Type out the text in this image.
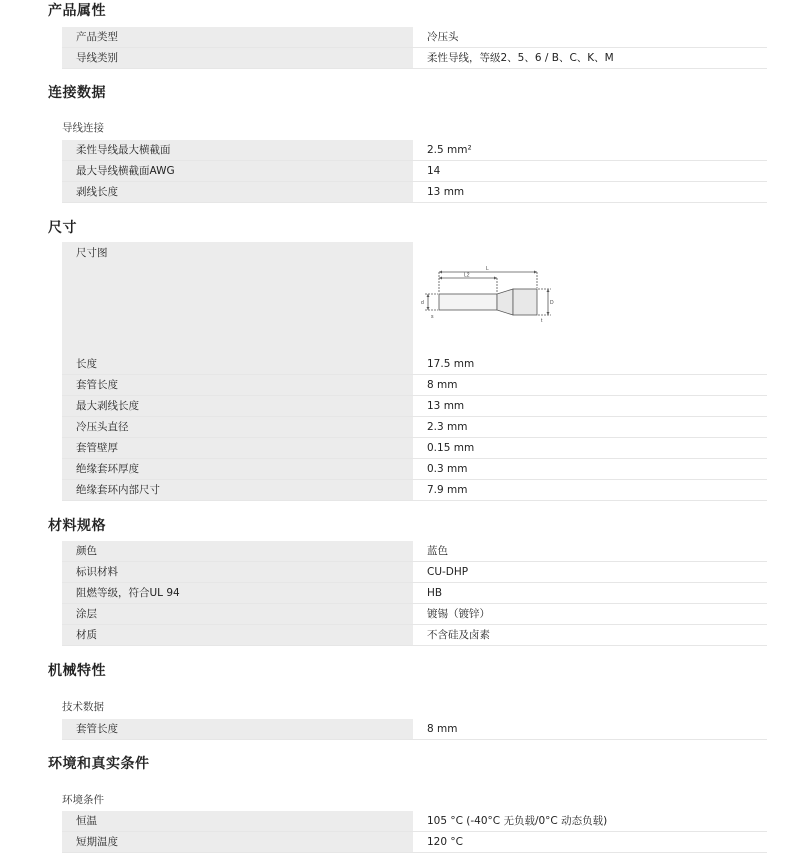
产品属性
产品类型	冷压头
导线类别	柔性导线，等级2、5、6 / B、C、K、M
连接数据
导线连接
柔性导线最大横截面	2.5 mm²
最大导线横截面AWG	14
剥线长度	13 mm
尺寸
尺寸图
L
L2
D
d
s
t
长度	17.5 mm
套管长度	8 mm
最大剥线长度	13 mm
冷压头直径	2.3 mm
套管壁厚	0.15 mm
绝缘套环厚度	0.3 mm
绝缘套环内部尺寸	7.9 mm
材料规格
颜色	蓝色
标识材料	CU-DHP
阻燃等级，符合UL 94	HB
涂层	镀锡（镀锌）
材质	不含硅及卤素
机械特性
技术数据
套管长度	8 mm
环境和真实条件
环境条件
恒温	105 °C (-40°C 无负载/0°C 动态负载)
短期温度	120 °C
